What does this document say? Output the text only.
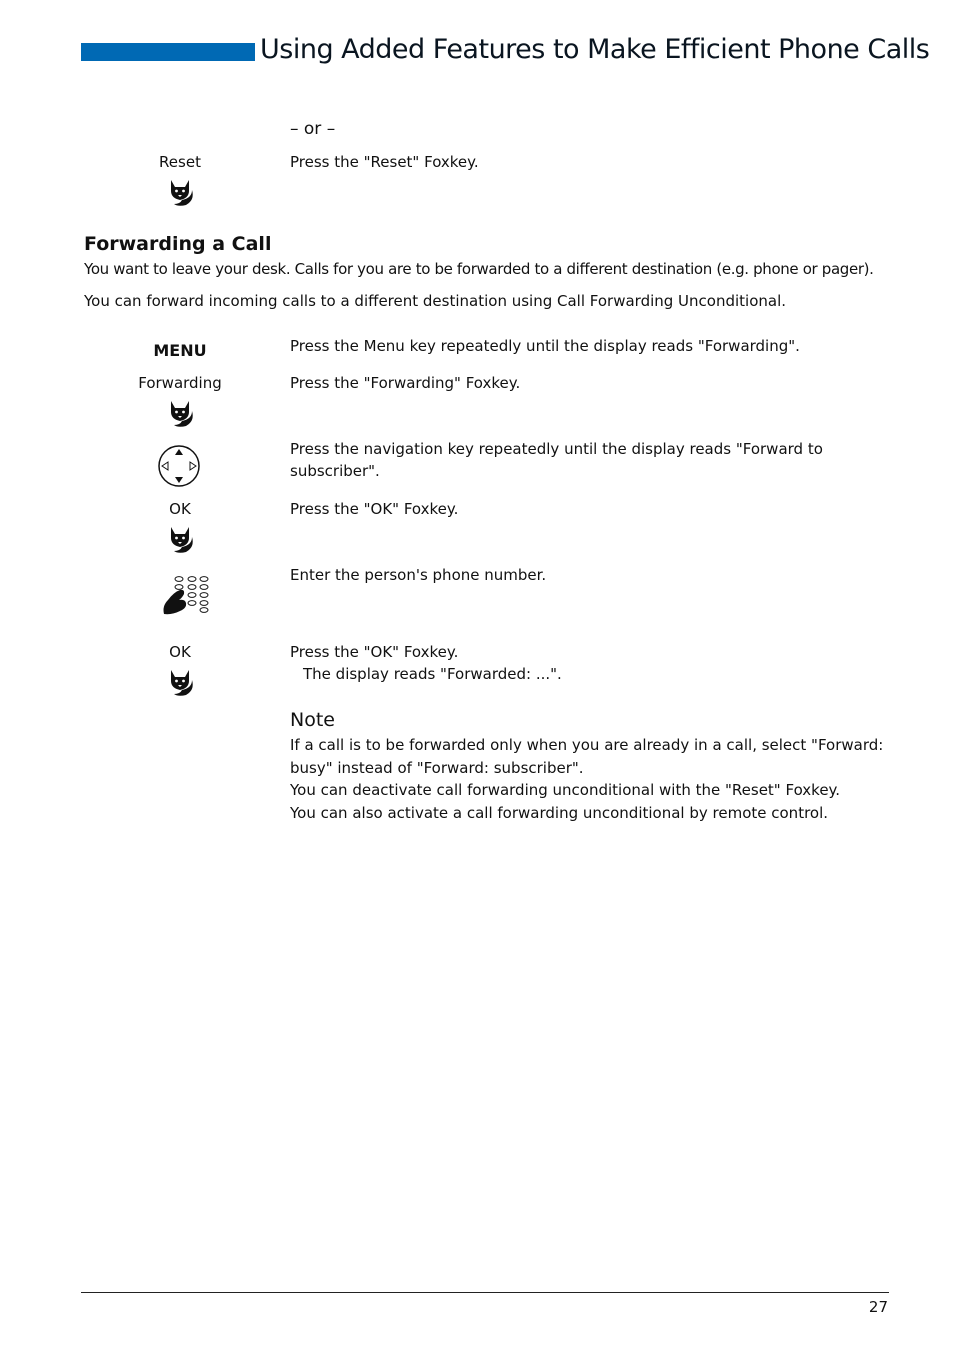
Using Added Features to Make Efficient Phone Calls
– or –
Reset	Press the "Reset" Foxkey.
Forwarding a Call
You want to leave your desk. Calls for you are to be forwarded to a different destination (e.g. phone or pager).
You can forward incoming calls to a different destination using Call Forwarding Unconditional.
MENU	Press the Menu key repeatedly until the display reads "Forwarding".
Forwarding	Press the "Forwarding" Foxkey.
Press the navigation key repeatedly until the display reads "Forward to
subscriber".
OK	Press the "OK" Foxkey.
Enter the person's phone number.
OK	Press the "OK" Foxkey.
The display reads "Forwarded: ...".
Note
If a call is to be forwarded only when you are already in a call, select "Forward:
busy" instead of "Forward: subscriber".
You can deactivate call forwarding unconditional with the "Reset" Foxkey.
You can also activate a call forwarding unconditional by remote control.
27
